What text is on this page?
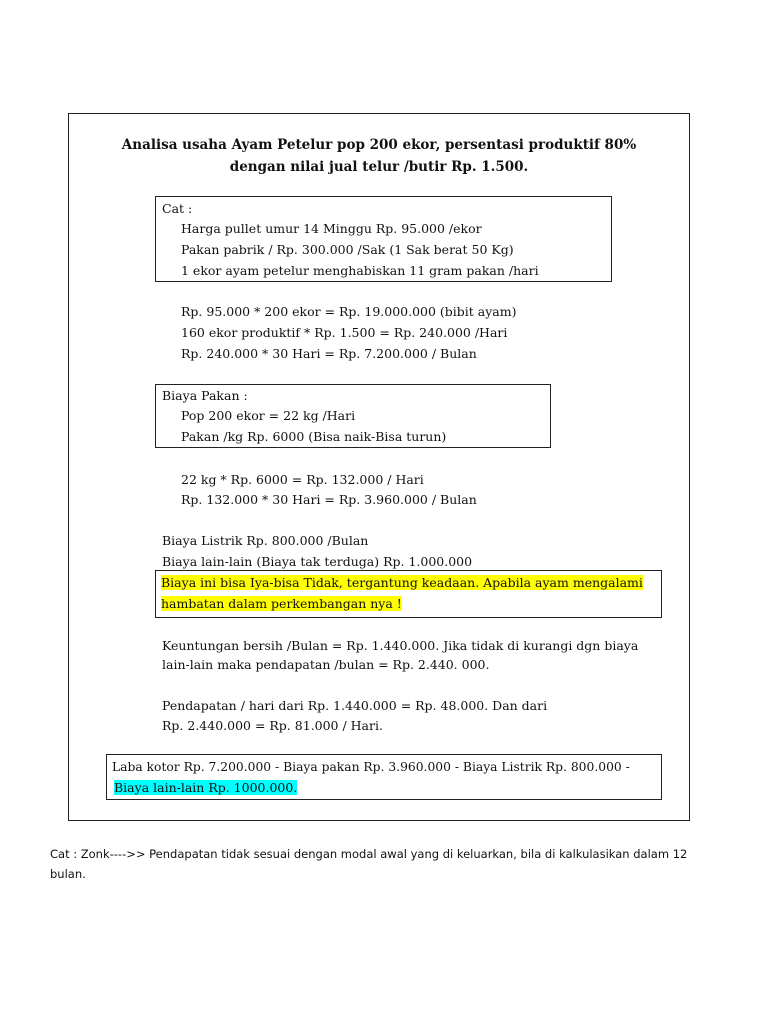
Analisa usaha Ayam Petelur pop 200 ekor, persentasi produktif 80%
dengan nilai jual telur /butir Rp. 1.500.
Cat :
Harga pullet umur 14 Minggu Rp. 95.000 /ekor
Pakan pabrik / Rp. 300.000 /Sak (1 Sak berat 50 Kg)
1 ekor ayam petelur menghabiskan 11 gram pakan /hari
Rp. 95.000 * 200 ekor = Rp. 19.000.000 (bibit ayam)
160 ekor produktif * Rp. 1.500 = Rp. 240.000 /Hari
Rp. 240.000 * 30 Hari = Rp. 7.200.000 / Bulan
Biaya Pakan :
Pop 200 ekor = 22 kg /Hari
Pakan /kg Rp. 6000 (Bisa naik-Bisa turun)
22 kg * Rp. 6000 = Rp. 132.000 / Hari
Rp. 132.000 * 30 Hari = Rp. 3.960.000 / Bulan
Biaya Listrik Rp. 800.000 /Bulan
Biaya lain-lain (Biaya tak terduga) Rp. 1.000.000
Biaya ini bisa Iya-bisa Tidak, tergantung keadaan. Apabila ayam mengalami
hambatan dalam perkembangan nya !
Keuntungan bersih /Bulan = Rp. 1.440.000. Jika tidak di kurangi dgn biaya
lain-lain maka pendapatan /bulan = Rp. 2.440. 000.
Pendapatan / hari dari Rp. 1.440.000 = Rp. 48.000. Dan dari
Rp. 2.440.000 = Rp. 81.000 / Hari.
Laba kotor Rp. 7.200.000 - Biaya pakan Rp. 3.960.000 - Biaya Listrik Rp. 800.000 -
Biaya lain-lain Rp. 1000.000.
Cat : Zonk---->> Pendapatan tidak sesuai dengan modal awal yang di keluarkan, bila di kalkulasikan dalam 12
bulan.
